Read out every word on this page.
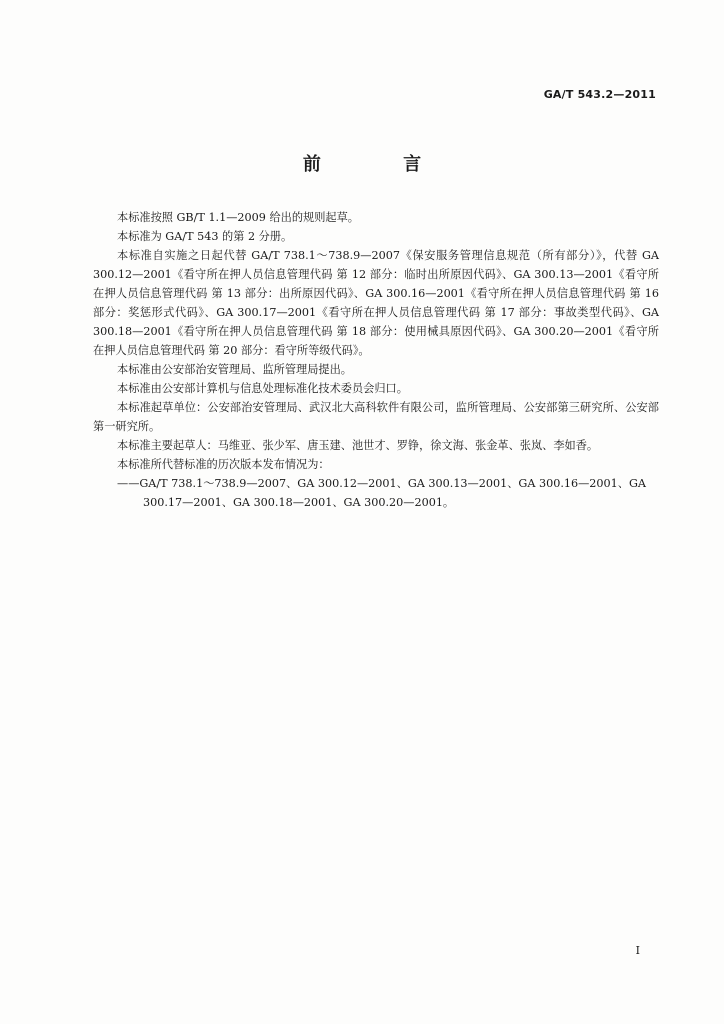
GA/T 543.2—2011
前 言

本标准按照 GB/T 1.1—2009 给出的规则起草。

本标准为 GA/T 543 的第 2 分册。

本标准自实施之日起代替 GA/T 738.1～738.9—2007《保安服务管理信息规范（所有部分）》，代替 GA 300.12—2001《看守所在押人员信息管理代码 第 12 部分：临时出所原因代码》、GA 300.13—2001《看守所在押人员信息管理代码 第 13 部分：出所原因代码》、GA 300.16—2001《看守所在押人员信息管理代码 第 16 部分：奖惩形式代码》、GA 300.17—2001《看守所在押人员信息管理代码 第 17 部分：事故类型代码》、GA 300.18—2001《看守所在押人员信息管理代码 第 18 部分：使用械具原因代码》、GA 300.20—2001《看守所在押人员信息管理代码 第 20 部分：看守所等级代码》。

本标准由公安部治安管理局、监所管理局提出。

本标准由公安部计算机与信息处理标准化技术委员会归口。

本标准起草单位：公安部治安管理局、武汉北大高科软件有限公司，监所管理局、公安部第三研究所、公安部第一研究所。

本标准主要起草人：马维亚、张少军、唐玉建、池世才、罗铮，徐文海、张金革、张岚、李如香。

本标准所代替标准的历次版本发布情况为：

——GA/T 738.1～738.9—2007、GA 300.12—2001、GA 300.13—2001、GA 300.16—2001、GA 300.17—2001、GA 300.18—2001、GA 300.20—2001。

I
